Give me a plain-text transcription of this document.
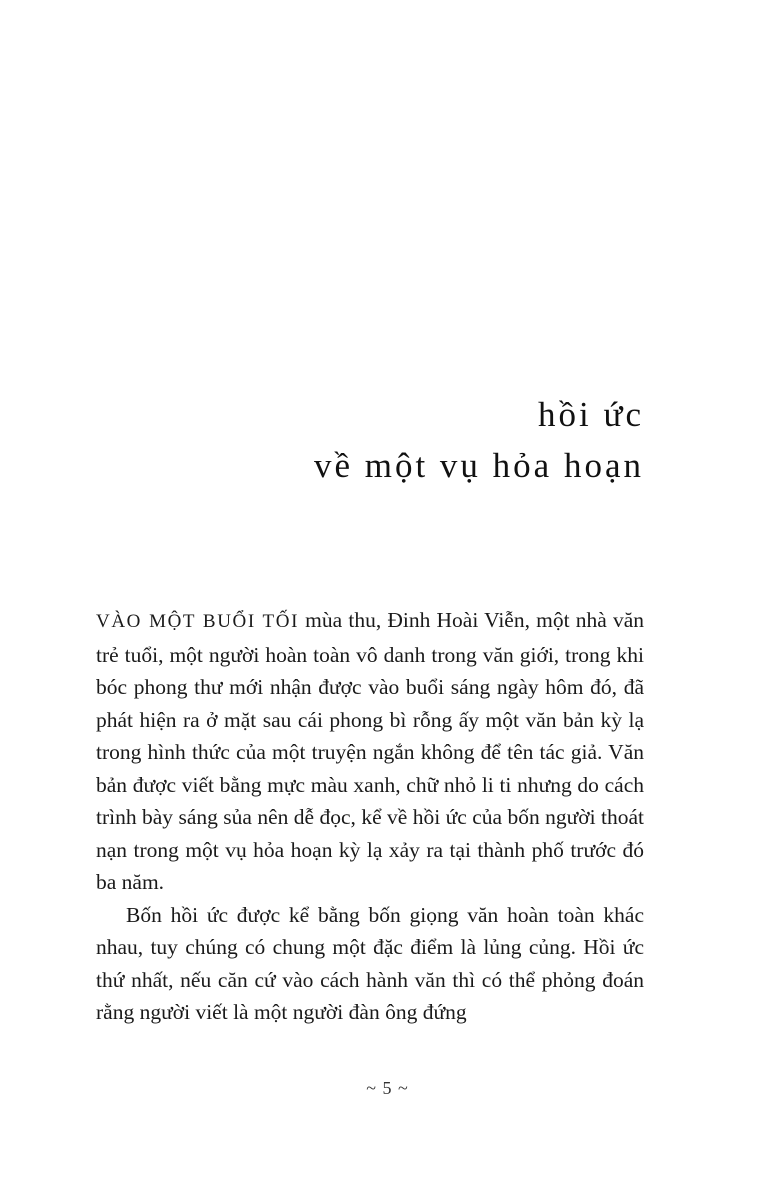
hồi ức
về một vụ hỏa hoạn

VÀO MỘT BUỔI TỐI mùa thu, Đinh Hoài Viễn, một nhà văn trẻ tuổi, một người hoàn toàn vô danh trong văn giới, trong khi bóc phong thư mới nhận được vào buổi sáng ngày hôm đó, đã phát hiện ra ở mặt sau cái phong bì rỗng ấy một văn bản kỳ lạ trong hình thức của một truyện ngắn không để tên tác giả. Văn bản được viết bằng mực màu xanh, chữ nhỏ li ti nhưng do cách trình bày sáng sủa nên dễ đọc, kể về hồi ức của bốn người thoát nạn trong một vụ hỏa hoạn kỳ lạ xảy ra tại thành phố trước đó ba năm.

Bốn hồi ức được kể bằng bốn giọng văn hoàn toàn khác nhau, tuy chúng có chung một đặc điểm là lủng củng. Hồi ức thứ nhất, nếu căn cứ vào cách hành văn thì có thể phỏng đoán rằng người viết là một người đàn ông đứng

~ 5 ~
